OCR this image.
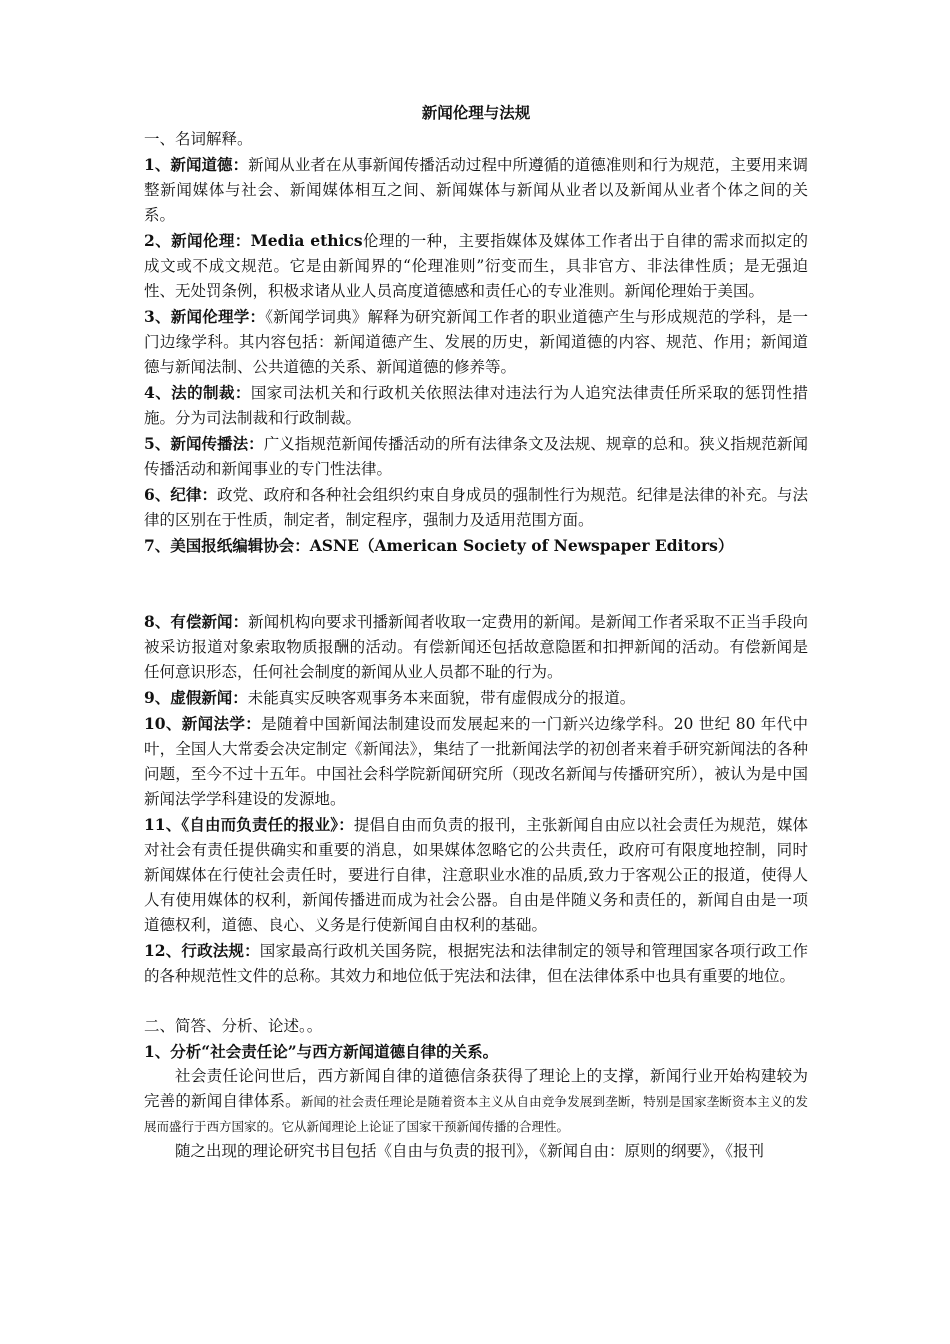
新闻伦理与法规

一、名词解释。

1、新闻道德：新闻从业者在从事新闻传播活动过程中所遵循的道德准则和行为规范，主要用来调整新闻媒体与社会、新闻媒体相互之间、新闻媒体与新闻从业者以及新闻从业者个体之间的关系。

2、新闻伦理：Media ethics伦理的一种，主要指媒体及媒体工作者出于自律的需求而拟定的成文或不成文规范。它是由新闻界的“伦理准则”衍变而生，具非官方、非法律性质；是无强迫性、无处罚条例，积极求诸从业人员高度道德感和责任心的专业准则。新闻伦理始于美国。

3、新闻伦理学：《新闻学词典》解释为研究新闻工作者的职业道德产生与形成规范的学科，是一门边缘学科。其内容包括：新闻道德产生、发展的历史，新闻道德的内容、规范、作用；新闻道德与新闻法制、公共道德的关系、新闻道德的修养等。

4、法的制裁：国家司法机关和行政机关依照法律对违法行为人追究法律责任所采取的惩罚性措施。分为司法制裁和行政制裁。

5、新闻传播法：广义指规范新闻传播活动的所有法律条文及法规、规章的总和。狭义指规范新闻传播活动和新闻事业的专门性法律。

6、纪律：政党、政府和各种社会组织约束自身成员的强制性行为规范。纪律是法律的补充。与法律的区别在于性质，制定者，制定程序，强制力及适用范围方面。

7、美国报纸编辑协会：ASNE（American Society of Newspaper Editors）

8、有偿新闻：新闻机构向要求刊播新闻者收取一定费用的新闻。是新闻工作者采取不正当手段向被采访报道对象索取物质报酬的活动。有偿新闻还包括故意隐匿和扣押新闻的活动。有偿新闻是任何意识形态，任何社会制度的新闻从业人员都不耻的行为。

9、虚假新闻：未能真实反映客观事务本来面貌，带有虚假成分的报道。

10、新闻法学：是随着中国新闻法制建设而发展起来的一门新兴边缘学科。20 世纪 80 年代中叶，全国人大常委会决定制定《新闻法》，集结了一批新闻法学的初创者来着手研究新闻法的各种问题，至今不过十五年。中国社会科学院新闻研究所（现改名新闻与传播研究所），被认为是中国新闻法学学科建设的发源地。

11、《自由而负责任的报业》：提倡自由而负责的报刊，主张新闻自由应以社会责任为规范，媒体对社会有责任提供确实和重要的消息，如果媒体忽略它的公共责任，政府可有限度地控制，同时新闻媒体在行使社会责任时，要进行自律，注意职业水准的品质,致力于客观公正的报道，使得人人有使用媒体的权利，新闻传播进而成为社会公器。自由是伴随义务和责任的，新闻自由是一项道德权利，道德、良心、义务是行使新闻自由权利的基础。

12、行政法规：国家最高行政机关国务院，根据宪法和法律制定的领导和管理国家各项行政工作的各种规范性文件的总称。其效力和地位低于宪法和法律，但在法律体系中也具有重要的地位。

二、简答、分析、论述。。

1、分析“社会责任论”与西方新闻道德自律的关系。

社会责任论问世后，西方新闻自律的道德信条获得了理论上的支撑，新闻行业开始构建较为完善的新闻自律体系。新闻的社会责任理论是随着资本主义从自由竞争发展到垄断，特别是国家垄断资本主义的发展而盛行于西方国家的。它从新闻理论上论证了国家干预新闻传播的合理性。

随之出现的理论研究书目包括《自由与负责的报刊》，《新闻自由：原则的纲要》，《报刊
